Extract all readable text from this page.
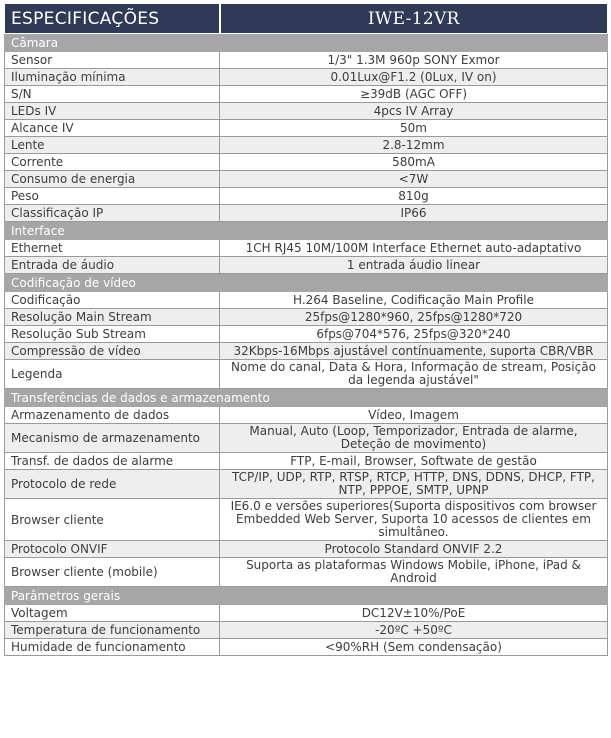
ESPECIFICAÇÕES	IWE-12VR
Câmara	
Sensor	1/3" 1.3M 960p SONY Exmor
Iluminação mínima	0.01Lux@F1.2 (0Lux, IV on)
S/N	≥39dB (AGC OFF)
LEDs IV	4pcs IV Array
Alcance IV	50m
Lente	2.8-12mm
Corrente	580mA
Consumo de energia	<7W
Peso	810g
Classificação IP	IP66
Interface	
Ethernet	1CH RJ45 10M/100M Interface Ethernet auto-adaptativo
Entrada de áudio	1 entrada áudio linear
Codificação de vídeo	
Codificação	H.264 Baseline, Codificação Main Profile
Resolução Main Stream	25fps@1280*960, 25fps@1280*720
Resolução Sub Stream	6fps@704*576, 25fps@320*240
Compressão de vídeo	32Kbps-16Mbps ajustável contínuamente, suporta CBR/VBR
Legenda	Nome do canal, Data & Hora, Informação de stream, Posição da legenda ajustável"
Transferências de dados e armazenamento	
Armazenamento de dados	Vídeo, Imagem
Mecanismo de armazenamento	Manual, Auto (Loop, Temporizador, Entrada de alarme, Deteção de movimento)
Transf. de dados de alarme	FTP, E-mail, Browser, Softwate de gestão
Protocolo de rede	TCP/IP, UDP, RTP, RTSP, RTCP, HTTP, DNS, DDNS, DHCP, FTP, NTP, PPPOE, SMTP, UPNP
Browser cliente	IE6.0 e versões superiores(Suporta dispositivos com browser Embedded Web Server, Suporta 10 acessos de clientes em simultâneo.
Protocolo ONVIF	Protocolo Standard ONVIF 2.2
Browser cliente (mobile)	Suporta as plataformas Windows Mobile, iPhone, iPad & Android
Parâmetros gerais	
Voltagem	DC12V±10%/PoE
Temperatura de funcionamento	-20ºC +50ºC
Humidade de funcionamento	<90%RH (Sem condensação)
